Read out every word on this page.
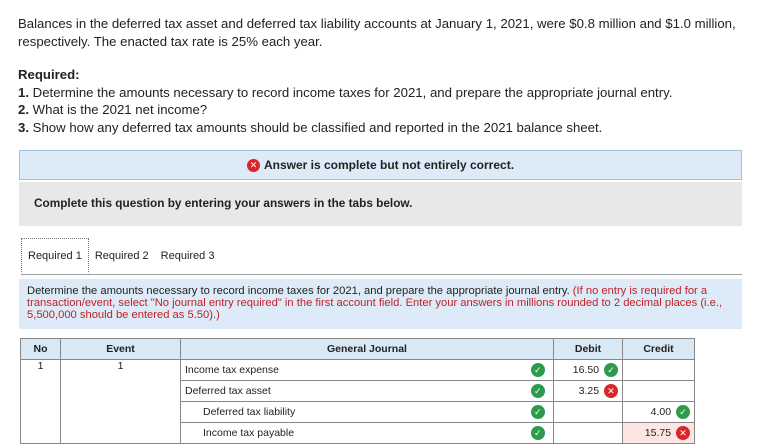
Balances in the deferred tax asset and deferred tax liability accounts at January 1, 2021, were $0.8 million and $1.0 million, respectively. The enacted tax rate is 25% each year.
Required:
1. Determine the amounts necessary to record income taxes for 2021, and prepare the appropriate journal entry.
2. What is the 2021 net income?
3. Show how any deferred tax amounts should be classified and reported in the 2021 balance sheet.
✕ Answer is complete but not entirely correct.
Complete this question by entering your answers in the tabs below.
Required 1	Required 2	Required 3
Determine the amounts necessary to record income taxes for 2021, and prepare the appropriate journal entry. (If no entry is required for a transaction/event, select "No journal entry required" in the first account field. Enter your answers in millions rounded to 2 decimal places (i.e., 5,500,000 should be entered as 5.50).)
No	Event	General Journal		Debit	Credit
1	1	Income tax expense	✓	16.50 ✓	
		Deferred tax asset	✓	3.25 ✕	
		Deferred tax liability	✓		4.00 ✓
		Income tax payable	✓		15.75 ✕
